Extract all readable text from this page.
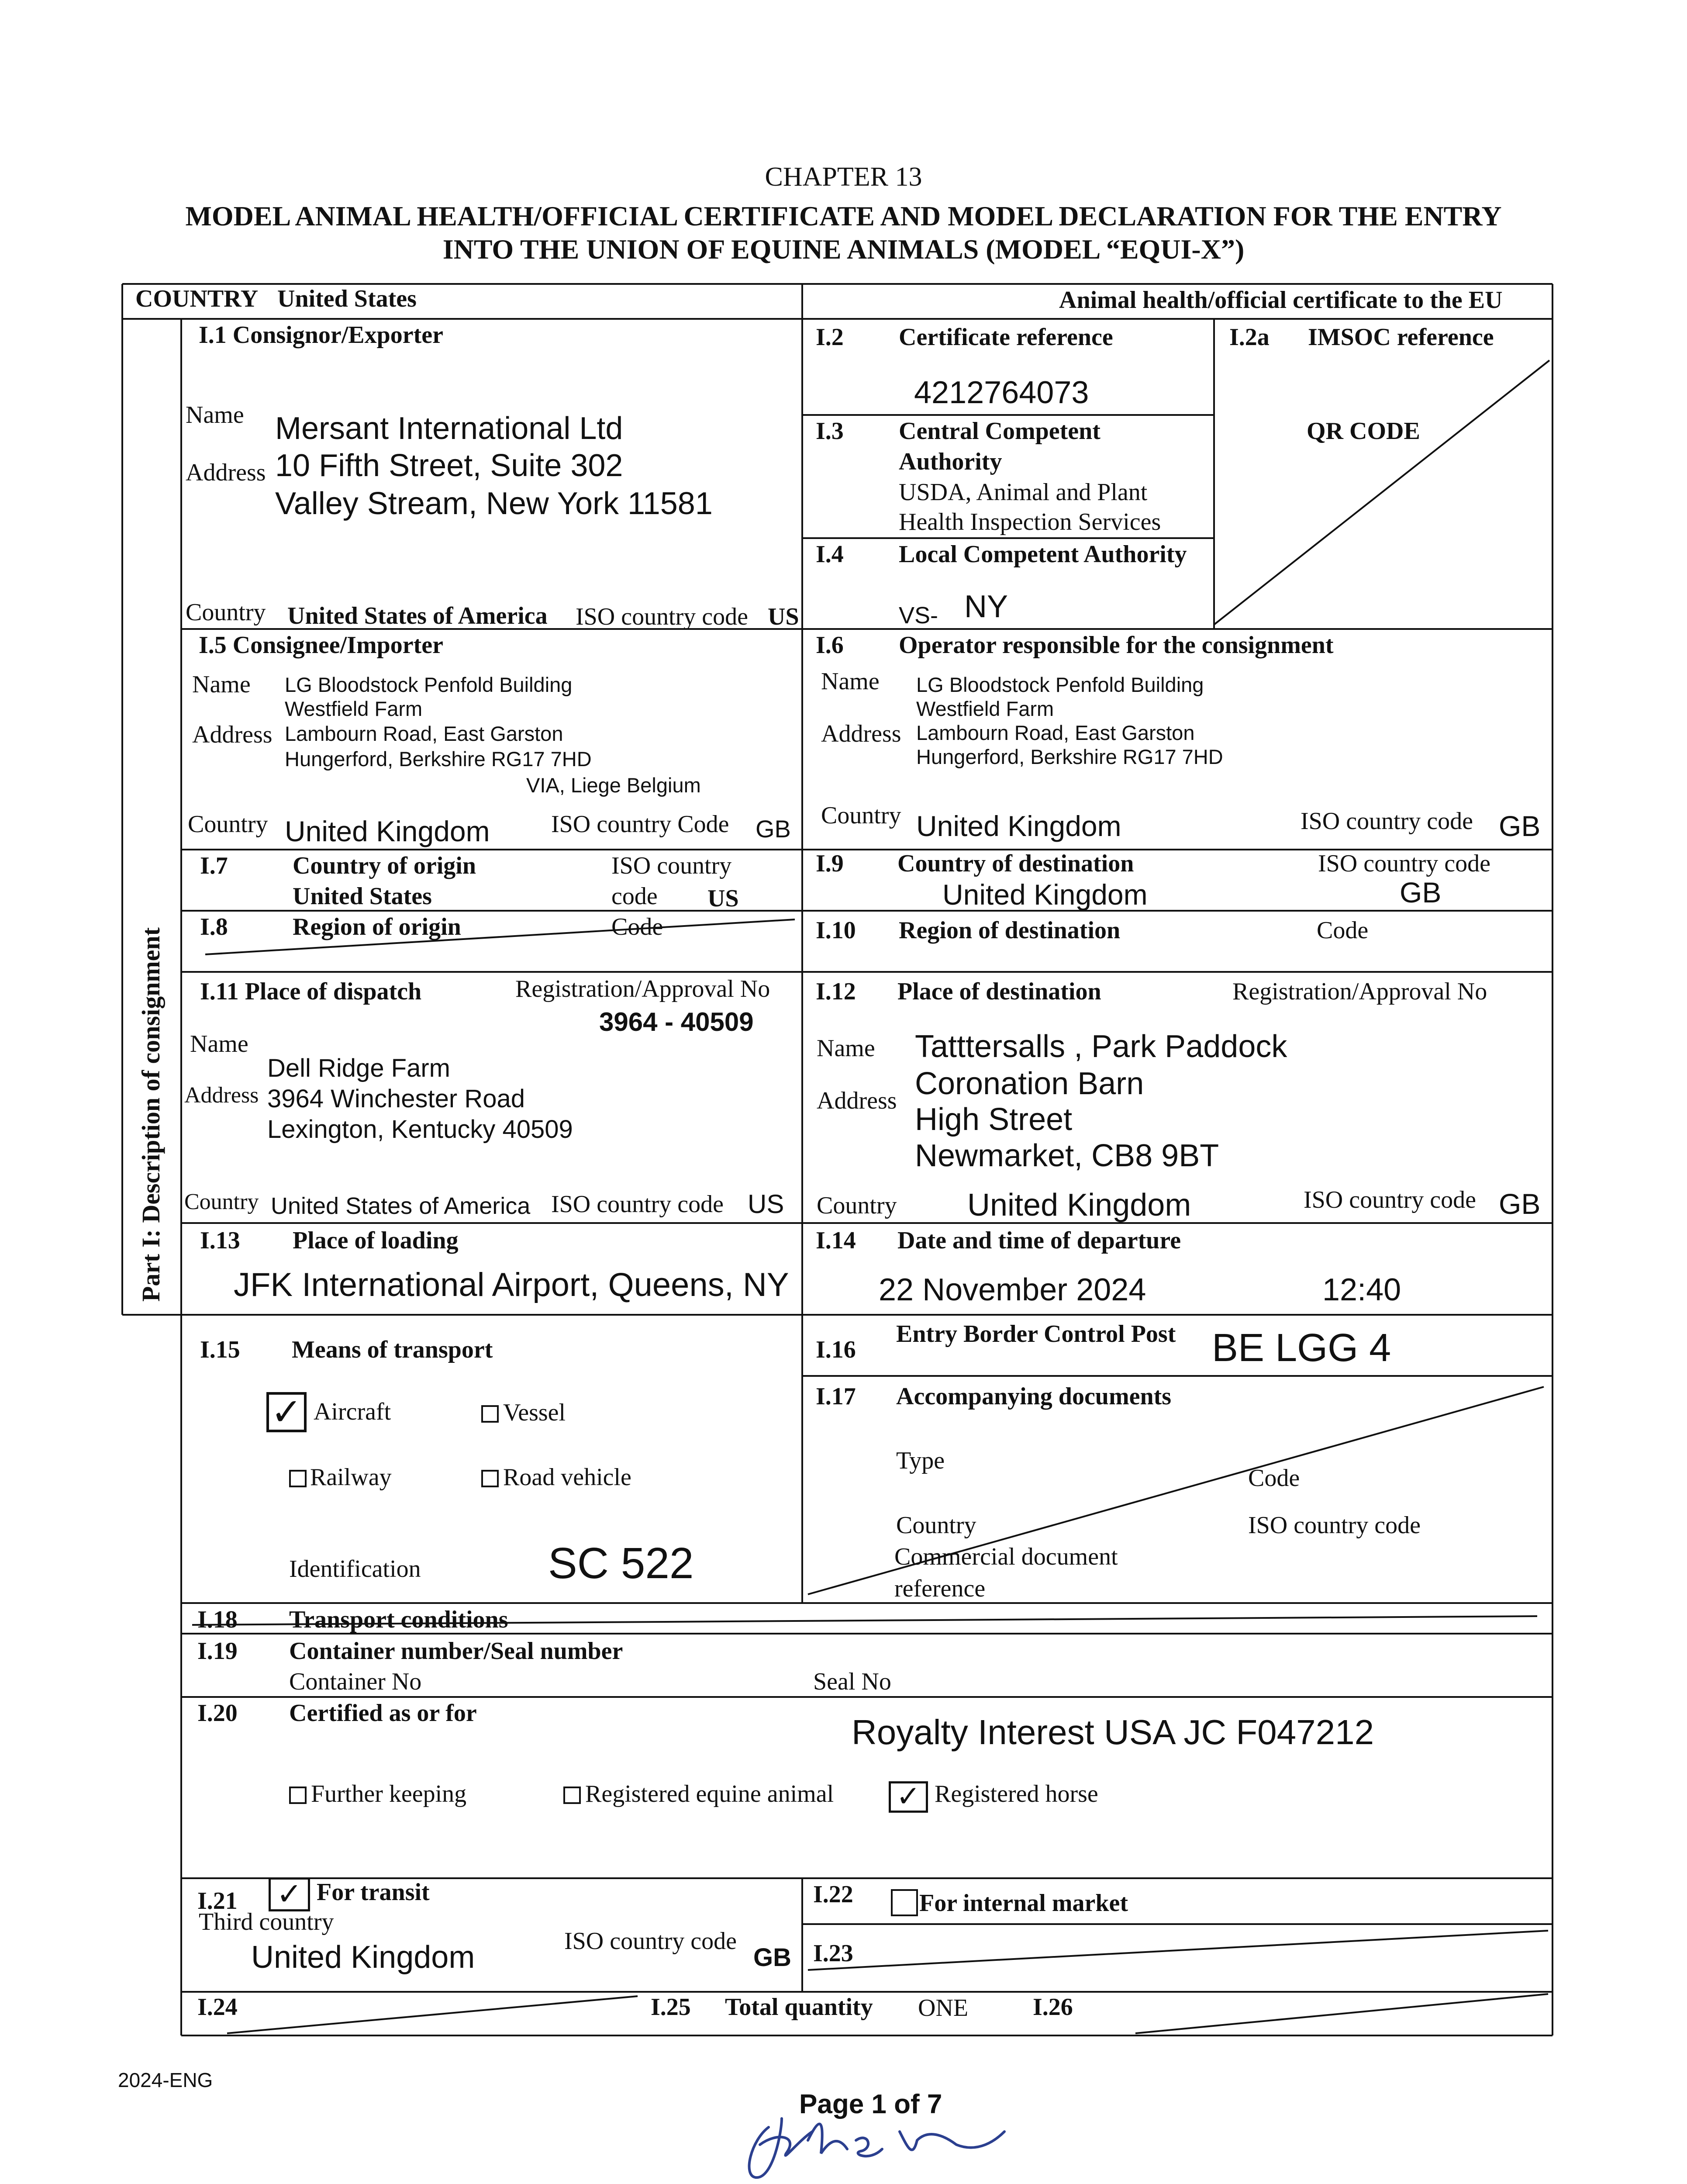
CHAPTER 13
MODEL ANIMAL HEALTH/OFFICIAL CERTIFICATE AND MODEL DECLARATION FOR THE ENTRY
INTO THE UNION OF EQUINE ANIMALS (MODEL “EQUI-X”)
COUNTRY United States	Animal health/official certificate to the EU
Part I: Description of consignment
I.1 Consignor/Exporter
Name Mersant International Ltd
Address 10 Fifth Street, Suite 302
Valley Stream, New York 11581
Country United States of America ISO country code US
I.2 Certificate reference
4212764073
I.2a IMSOC reference
QR CODE
I.3 Central Competent
Authority
USDA, Animal and Plant
Health Inspection Services
I.4 Local Competent Authority
VS- NY
I.5 Consignee/Importer
Name LG Bloodstock Penfold Building
Westfield Farm
Address Lambourn Road, East Garston
Hungerford, Berkshire RG17 7HD
VIA, Liege Belgium
Country United Kingdom	ISO country Code GB
I.6 Operator responsible for the consignment
Name LG Bloodstock Penfold Building
Westfield Farm
Address Lambourn Road, East Garston
Hungerford, Berkshire RG17 7HD
Country United Kingdom	ISO country code GB
I.7	Country of origin
United States
ISO country
code US
I.8	Region of origin	Code
I.9 Country of destination
United Kingdom
ISO country code
GB
I.10 Region of destination	Code
I.11 Place of dispatch	Registration/Approval No
3964 - 40509
Name
Dell Ridge Farm
Address 3964 Winchester Road
Lexington, Kentucky 40509
Country United States of America ISO country code US
I.12 Place of destination	Registration/Approval No
Name Tatttersalls , Park Paddock
Address Coronation Barn
High Street
Newmarket, CB8 9BT
Country United Kingdom	ISO country code GB
I.13 Place of loading
JFK International Airport, Queens, NY
I.14 Date and time of departure
22 November 2024	12:40
I.15 Means of transport
✓ Aircraft	Vessel
Railway	Road vehicle
Identification	SC 522
I.16
Entry Border Control Post BE LGG 4
I.17 Accompanying documents
Type
Code
Country	ISO country code
Commercial document
reference
I.18 Transport conditions
I.19 Container number/Seal number
Container No	Seal No
I.20 Certified as or for	Royalty Interest USA JC F047212
Further keeping	Registered equine animal ✓ Registered horse
I.21 ✓ For transit
Third country
United Kingdom	ISO country code
GB
I.22	For internal market
I.23
I.24	I.25 Total quantity ONE	I.26
2024-ENG
Page 1 of 7
